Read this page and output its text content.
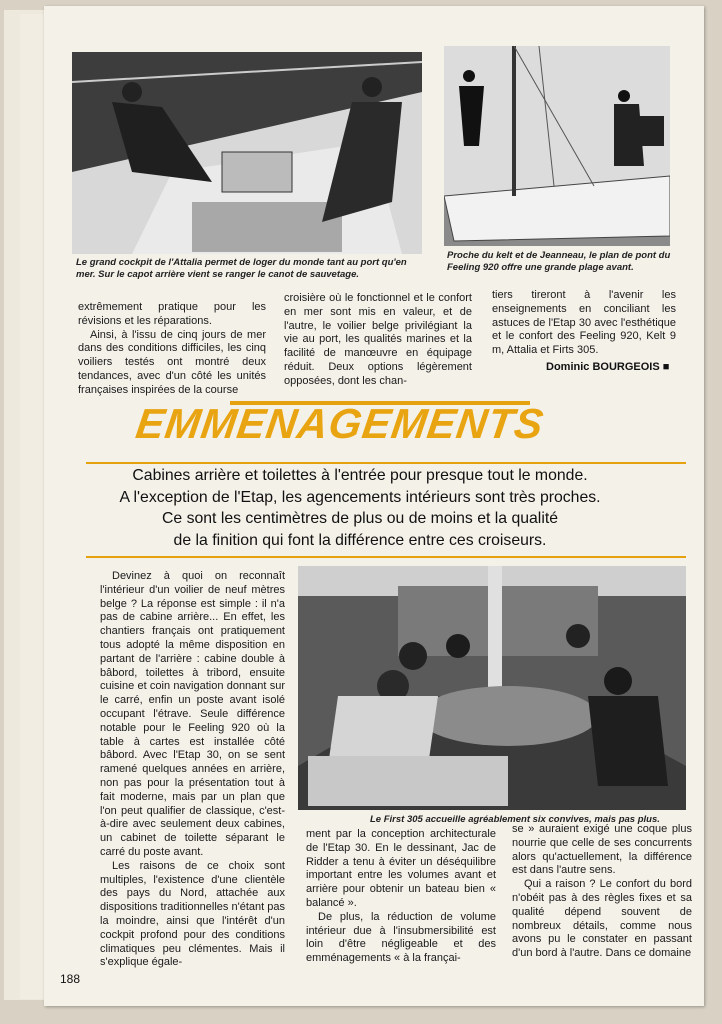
Le grand cockpit de l'Attalia permet de loger du monde tant au port qu'en mer. Sur le capot arrière vient se ranger le canot de sauvetage.
Proche du kelt et de Jeanneau, le plan de pont du Feeling 920 offre une grande plage avant.

extrêmement pratique pour les révisions et les réparations.

Ainsi, à l'issu de cinq jours de mer dans des conditions difficiles, les cinq voiliers testés ont montré deux tendances, avec d'un côté les unités françaises inspirées de la course

croisière où le fonctionnel et le confort en mer sont mis en valeur, et de l'autre, le voilier belge privilégiant la vie au port, les qualités marines et la facilité de manœuvre en équipage réduit. Deux options légèrement opposées, dont les chan-

tiers tireront à l'avenir les enseignements en conciliant les astuces de l'Etap 30 avec l'esthétique et le confort des Feeling 920, Kelt 9 m, Attalia et Firts 305.

Dominic BOURGEOIS ■
EMMENAGEMENTS
Cabines arrière et toilettes à l'entrée pour presque tout le monde.
A l'exception de l'Etap, les agencements intérieurs sont très proches.
Ce sont les centimètres de plus ou de moins et la qualité
de la finition qui font la différence entre ces croiseurs.
Le First 305 accueille agréablement six convives, mais pas plus.

Devinez à quoi on reconnaît l'intérieur d'un voilier de neuf mètres belge ? La réponse est simple : il n'a pas de cabine arrière... En effet, les chantiers français ont pratiquement tous adopté la même disposition en partant de l'arrière : cabine double à bâbord, toilettes à tribord, ensuite cuisine et coin navigation donnant sur le carré, enfin un poste avant isolé occupant l'étrave. Seule différence notable pour le Feeling 920 où la table à cartes est installée côté bâbord. Avec l'Etap 30, on se sent ramené quelques années en arrière, non pas pour la présentation tout à fait moderne, mais par un plan que l'on peut qualifier de classique, c'est-à-dire avec seulement deux cabines, un cabinet de toilette séparant le carré du poste avant.

Les raisons de ce choix sont multiples, l'existence d'une clientèle des pays du Nord, attachée aux dispositions traditionnelles n'étant pas la moindre, ainsi que l'intérêt d'un cockpit profond pour des conditions climatiques peu clémentes. Mais il s'explique égale-

ment par la conception architecturale de l'Etap 30. En le dessinant, Jac de Ridder a tenu à éviter un déséquilibre important entre les volumes avant et arrière pour obtenir un bateau bien « balancé ».

De plus, la réduction de volume intérieur due à l'insubmersibilité est loin d'être négligeable et des emménagements « à la françai-

se » auraient exigé une coque plus nourrie que celle de ses concurrents alors qu'actuellement, la différence est dans l'autre sens.

Qui a raison ? Le confort du bord n'obéit pas à des règles fixes et sa qualité dépend souvent de nombreux détails, comme nous avons pu le constater en passant d'un bord à l'autre. Dans ce domaine

188
